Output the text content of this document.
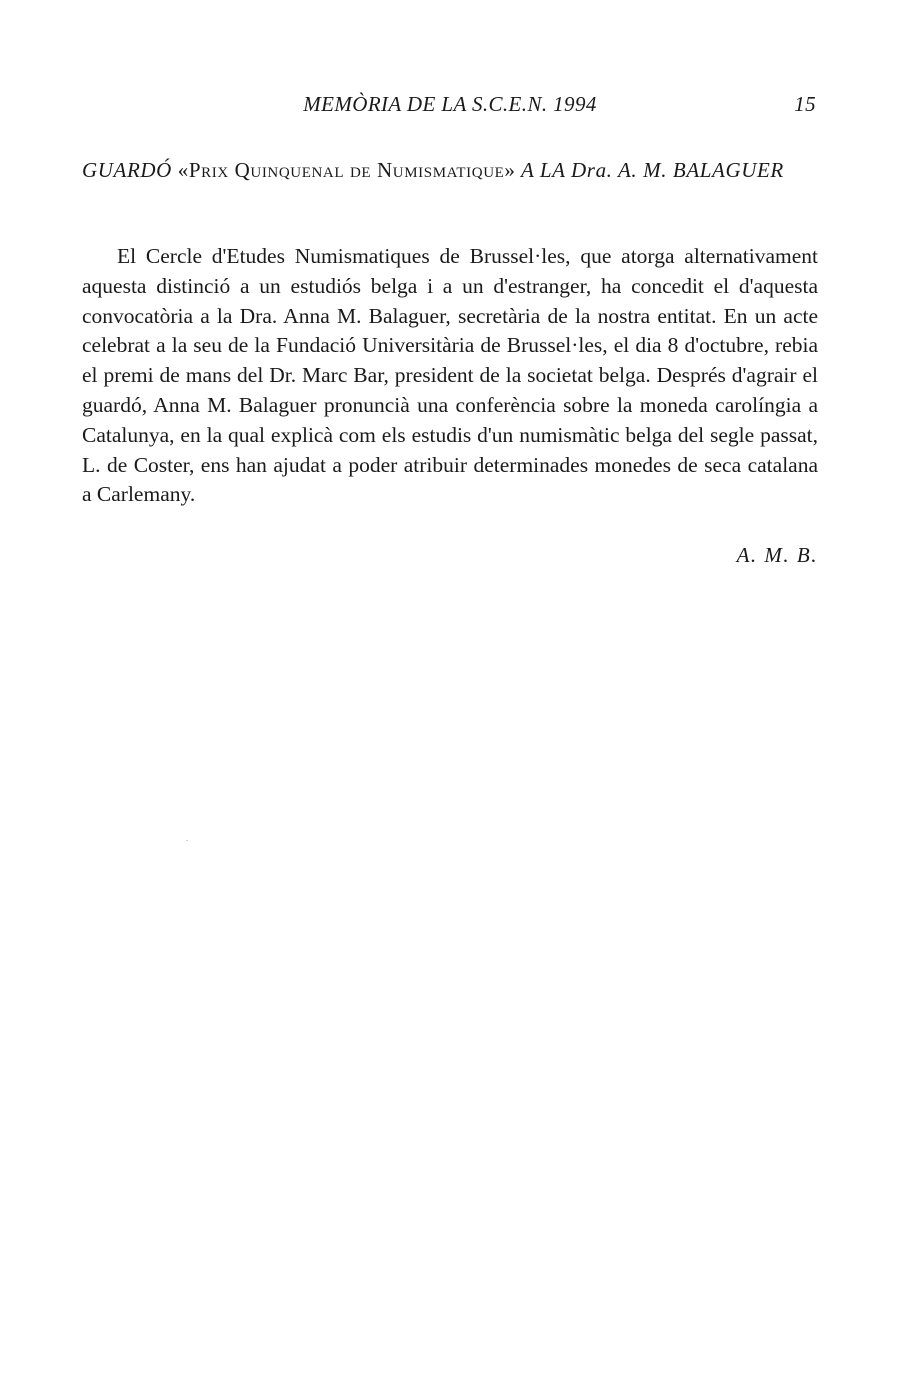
MEMÒRIA DE LA S.C.E.N. 1994	15
GUARDÓ «Prix Quinquenal de Numismatique» A LA Dra. A. M. BALAGUER

El Cercle d'Etudes Numismatiques de Brussel·les, que atorga alternativament aquesta distinció a un estudiós belga i a un d'estranger, ha concedit el d'aquesta convocatòria a la Dra. Anna M. Balaguer, secretària de la nostra entitat. En un acte celebrat a la seu de la Fundació Universitària de Brussel·les, el dia 8 d'octubre, rebia el premi de mans del Dr. Marc Bar, president de la societat belga. Després d'agrair el guardó, Anna M. Balaguer pronuncià una conferència sobre la moneda carolíngia a Catalunya, en la qual explicà com els estudis d'un numismàtic belga del segle passat, L. de Coster, ens han ajudat a poder atribuir determinades monedes de seca catalana a Carlemany.

A. M. B.
